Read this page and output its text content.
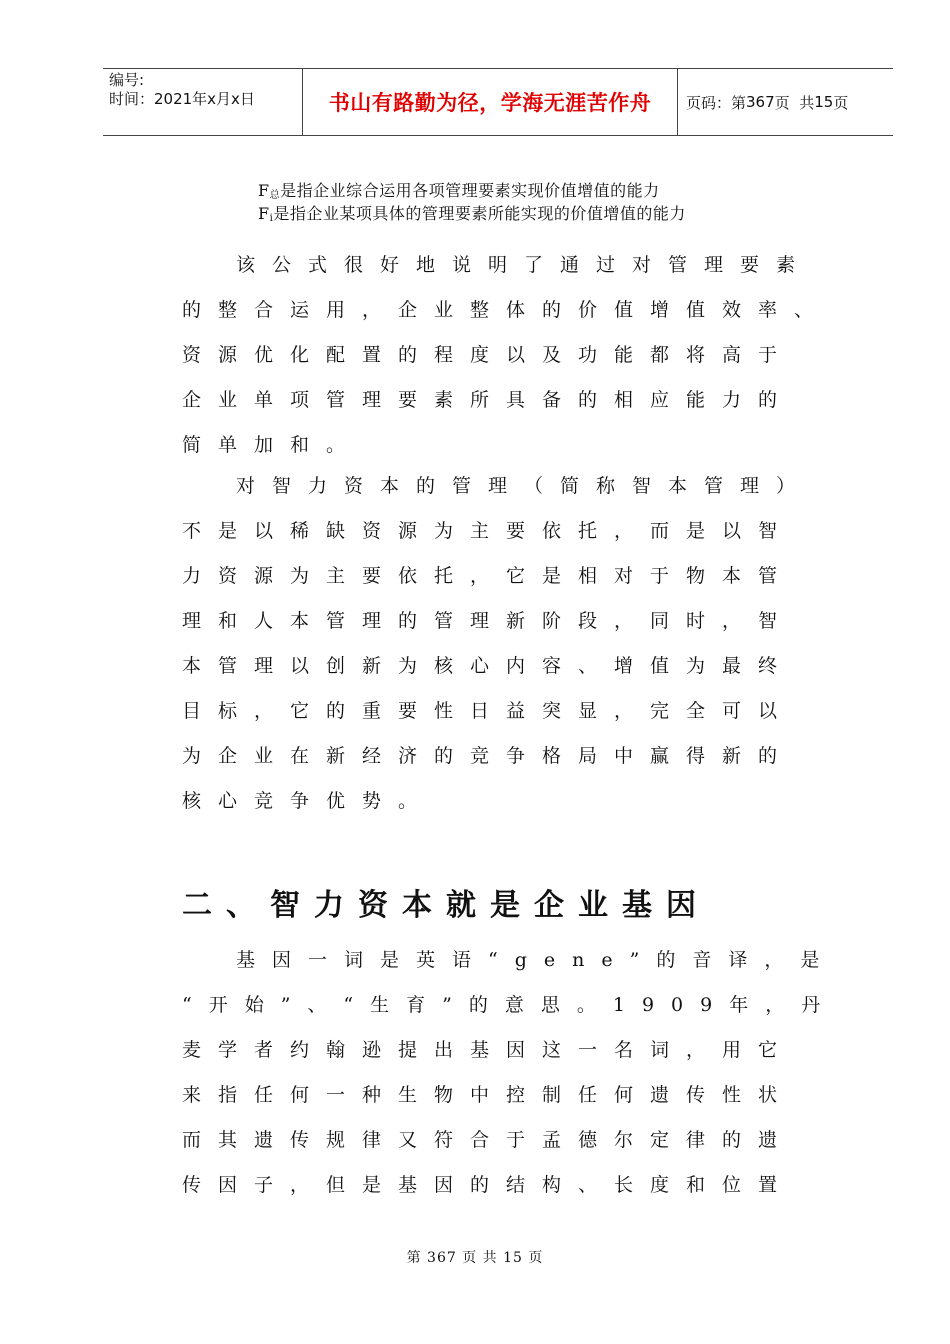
编号:
时间：2021年x月x日	书山有路勤为径，学海无涯苦作舟 页码：第 367 页  共 15 页
$F_总$是指企业综合运用各项管理要素实现价值增值的能力
$F_i$是指企业某项具体的管理要素所能实现的价值增值的能力
该公式很好地说明了通过对管理要素
的整合运用，企业整体的价值增值效率、
资源优化配置的程度以及功能都将高于
企业单项管理要素所具备的相应能力的
简单加和。
对智力资本的管理（简称智本管理）
不是以稀缺资源为主要依托，而是以智
力资源为主要依托，它是相对于物本管
理和人本管理的管理新阶段，同时，智
本管理以创新为核心内容、增值为最终
目标，它的重要性日益突显，完全可以
为企业在新经济的竞争格局中赢得新的
核心竞争优势。
二、智力资本就是企业基因
基因一词是英语“gene”的音译，是
“开始”、“生育”的意思。1909年，丹
麦学者约翰逊提出基因这一名词，用它
来指任何一种生物中控制任何遗传性状
而其遗传规律又符合于孟德尔定律的遗
传因子，但是基因的结构、长度和位置
第 367 页 共 15 页
